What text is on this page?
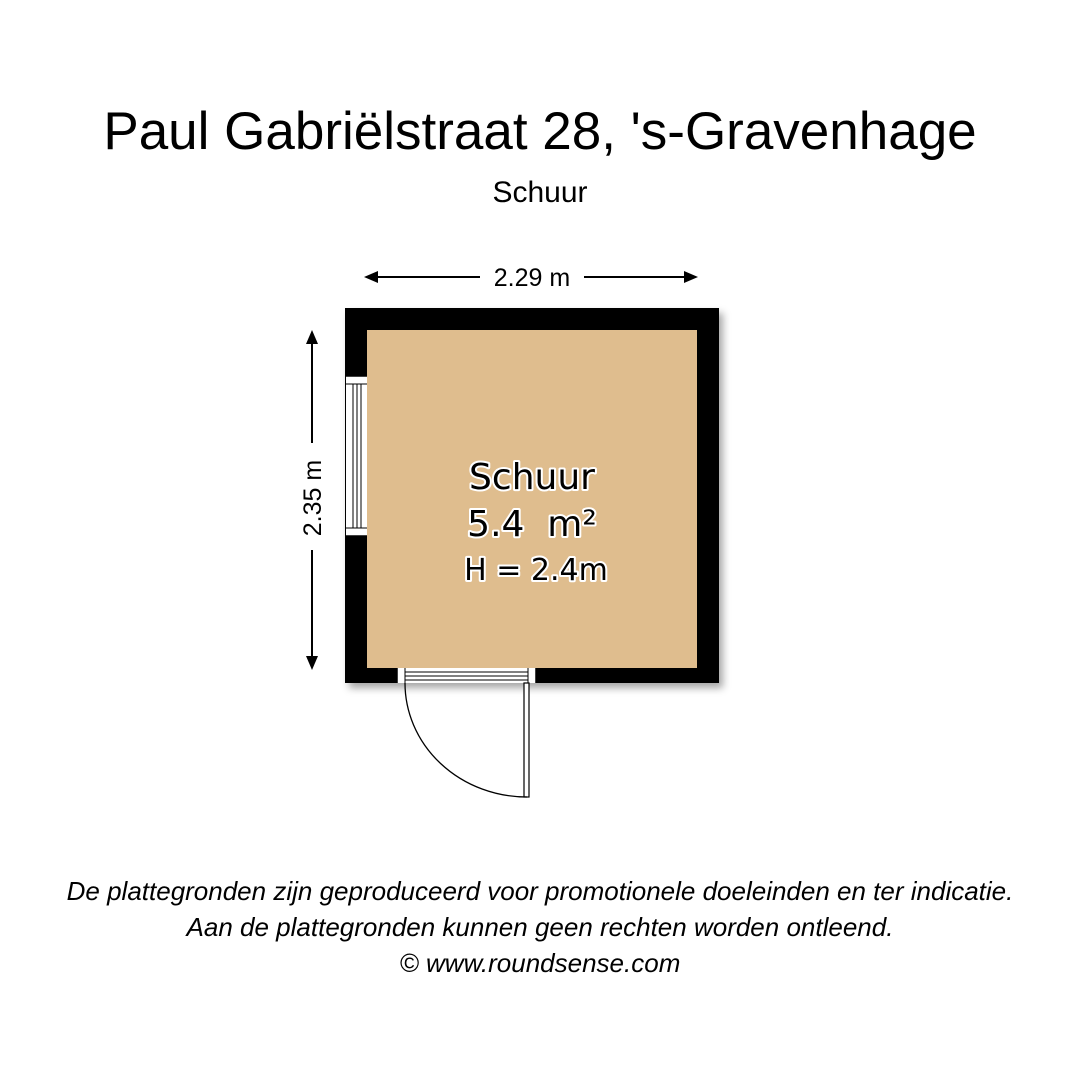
Paul Gabriëlstraat 28, 's-Gravenhage
Schuur
2.29 m
2.35 m	Schuur
5.4  m²
H = 2.4m
De plattegronden zijn geproduceerd voor promotionele doeleinden en ter indicatie.
Aan de plattegronden kunnen geen rechten worden ontleend.
© www.roundsense.com
